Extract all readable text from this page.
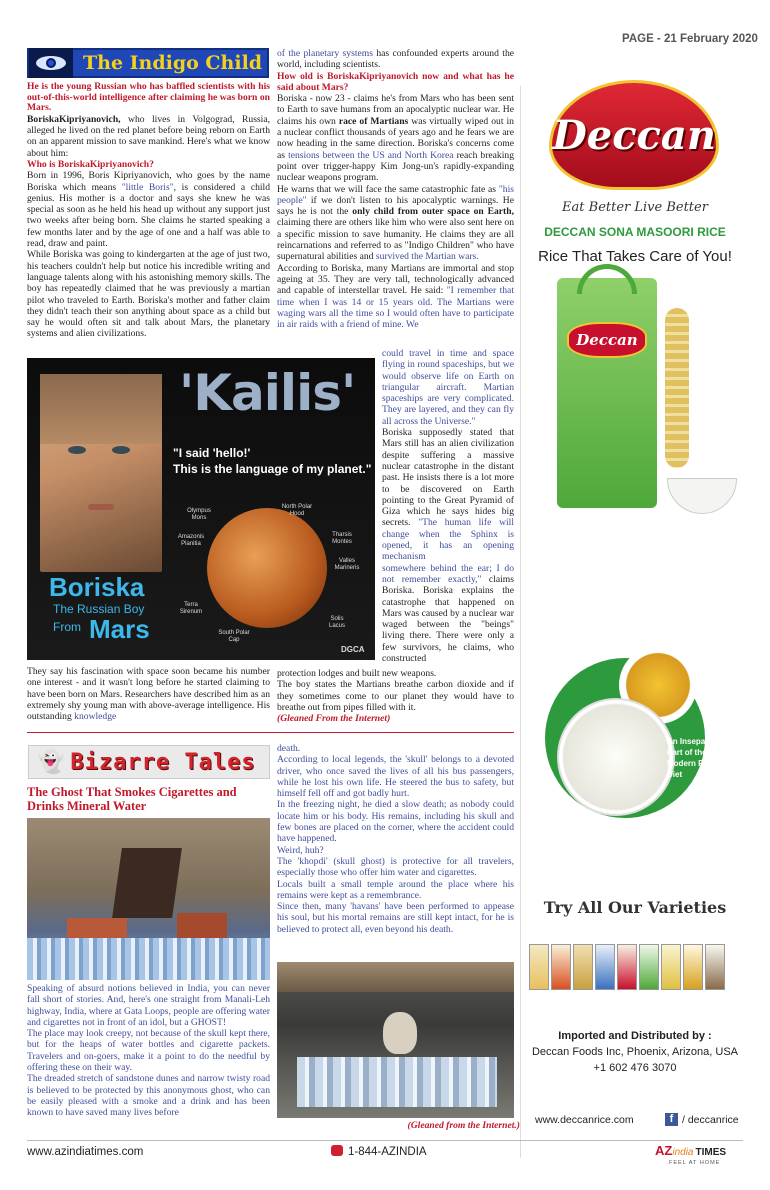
PAGE - 21 February 2020
The Indigo Child

He is the young Russian who has baffled scientists with his out-of-this-world intelligence after claiming he was born on Mars.

BoriskaKipriyanovich, who lives in Volgograd, Russia, alleged he lived on the red planet before being reborn on Earth on an apparent mission to save mankind. Here's what we know about him:

Who is BoriskaKipriyanovich?

Born in 1996, Boris Kipriyanovich, who goes by the name Boriska which means "little Boris", is considered a child genius. His mother is a doctor and says she knew he was special as soon as he held his head up without any support just two weeks after being born. She claims he started speaking a few months later and by the age of one and a half was able to read, draw and paint.

While Boriska was going to kindergarten at the age of just two, his teachers couldn't help but notice his incredible writing and language talents along with his astonishing memory skills. The boy has repeatedly claimed that he was previously a martian pilot who traveled to Earth. Boriska's mother and father claim they didn't teach their son anything about space as a child but say he would often sit and talk about Mars, the planetary systems and alien civilizations.

of the planetary systems has confounded experts around the world, including scientists.

How old is BoriskaKipriyanovich now and what has he said about Mars?

Boriska - now 23 - claims he's from Mars who has been sent to Earth to save humans from an apocalyptic nuclear war. He claims his own race of Martians was virtually wiped out in a nuclear conflict thousands of years ago and he fears we are now heading in the same direction. Boriska's concerns come as tensions between the US and North Korea reach breaking point over trigger-happy Kim Jong-un's rapidly-expanding nuclear weapons program.

He warns that we will face the same catastrophic fate as "his people" if we don't listen to his apocalyptic warnings. He says he is not the only child from outer space on Earth, claiming there are others like him who were also sent here on a specific mission to save humanity. He claims they are all reincarnations and referred to as "Indigo Children" who have supernatural abilities and survived the Martian wars.

According to Boriska, many Martians are immortal and stop ageing at 35. They are very tall, technologically advanced and capable of interstellar travel. He said: "I remember that time when I was 14 or 15 years old. The Martians were waging wars all the time so I would often have to participate in air raids with a friend of mine. We

'Kailis'
"I said 'hello!'
This is the language of my planet."
Olympus Mons
North Polar Hood
Tharsis Montes
Amazonis Planitia
Valles Marineris
Terra Sirenum
Solis Lacus
South Polar Cap
Boriska
The Russian Boy
From Mars
DGCA

could travel in time and space flying in round spaceships, but we would observe life on Earth on triangular aircraft. Martian spaceships are very complicated. They are layered, and they can fly all across the Universe."

Boriska supposedly stated that Mars still has an alien civilization despite suffering a massive nuclear catastrophe in the distant past. He insists there is a lot more to be discovered on Earth pointing to the Great Pyramid of Giza which he says hides big secrets. "The human life will change when the Sphinx is opened, it has an opening mechanism

somewhere behind the ear; I do not remember exactly," claims Boriska. Boriska explains the catastrophe that happened on Mars was caused by a nuclear war waged between the "beings" living there. There were only a few survivors, he claims, who constructed

They say his fascination with space soon became his number one interest - and it wasn't long before he started claiming to have been born on Mars. Researchers have described him as an extremely shy young man with above-average intelligence. His outstanding knowledge

protection lodges and built new weapons.

The boy states the Martians breathe carbon dioxide and if they sometimes come to our planet they would have to breathe out from pipes filled with it.

(Gleaned From the Internet)

👻 Bizarre Tales
The Ghost That Smokes Cigarettes and Drinks Mineral Water

Speaking of absurd notions believed in India, you can never fall short of stories. And, here's one straight from Manali-Leh highway, India, where at Gata Loops, people are offering water and cigarettes not in front of an idol, but a GHOST!

The place may look creepy, not because of the skull kept there, but for the heaps of water bottles and cigarette packets. Travelers and on-goers, make it a point to do the needful by offering these on their way.

The dreaded stretch of sandstone dunes and narrow twisty road is believed to be protected by this anonymous ghost, who can be easily pleased with a smoke and a drink and has been known to have saved many lives before

death.

According to local legends, the 'skull' belongs to a devoted driver, who once saved the lives of all his bus passengers, while he lost his own life. He steered the bus to safety, but himself fell off and got badly hurt.

In the freezing night, he died a slow death; as nobody could locate him or his body. His remains, including his skull and few bones are placed on the corner, where the accident could have happened.

Weird, huh?

The 'khopdi' (skull ghost) is protective for all travelers, especially those who offer him water and cigarettes.

Locals built a small temple around the place where his remains were kept as a remembrance.

Since then, many 'havans' have been performed to appease his soul, but his mortal remains are still kept intact, for he is believed to protect all, even beyond his death.

(Gleaned from the Internet.)
Deccan
Eat Better Live Better
DECCAN SONA MASOORI RICE
Rice That Takes Care of You!
Deccan
An Inseparable Part of the Modern Family Diet
Try All Our Varieties
Imported and Distributed by :
Deccan Foods Inc, Phoenix, Arizona, USA
+1 602 476 3070
www.deccanrice.com	f / deccanrice
www.azindiatimes.com	1-844-AZINDIA	AZindia TIMES
FEEL AT HOME
